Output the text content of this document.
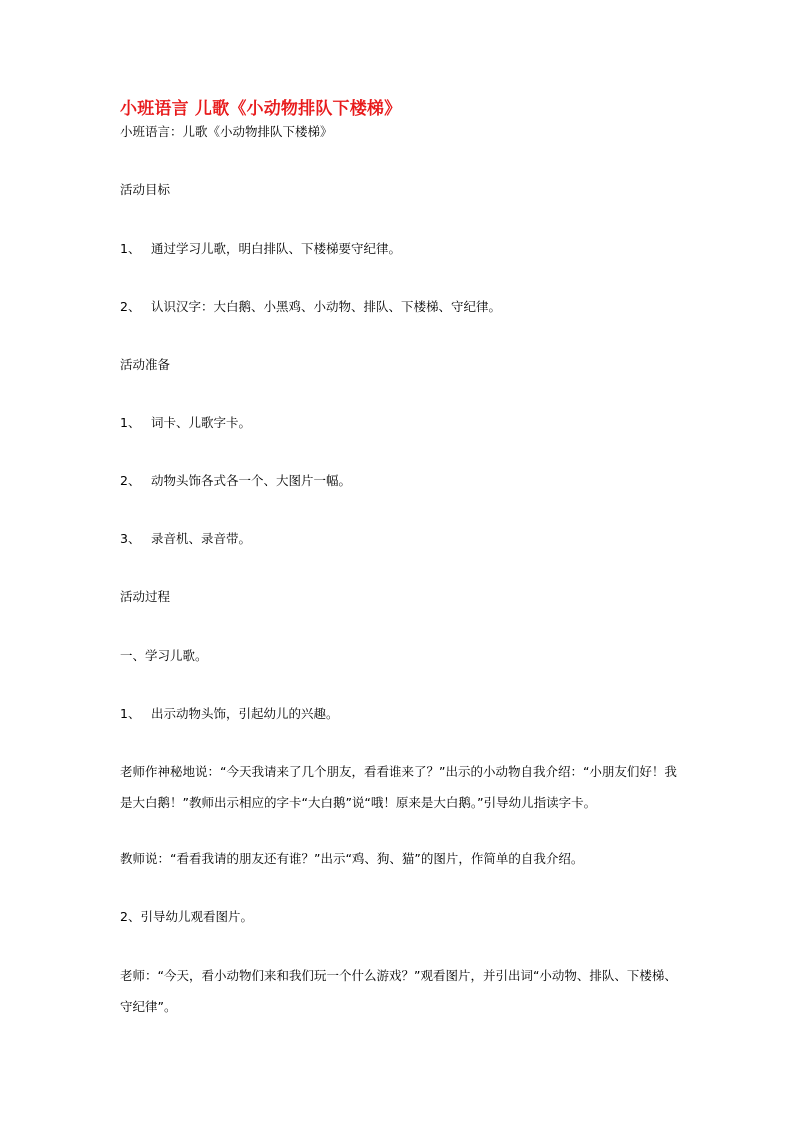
小班语言 儿歌《小动物排队下楼梯》
小班语言：儿歌《小动物排队下楼梯》
活动目标
1、 通过学习儿歌，明白排队、下楼梯要守纪律。
2、 认识汉字：大白鹅、小黑鸡、小动物、排队、下楼梯、守纪律。
活动准备
1、 词卡、儿歌字卡。
2、 动物头饰各式各一个、大图片一幅。
3、 录音机、录音带。
活动过程
一、学习儿歌。
1、 出示动物头饰，引起幼儿的兴趣。
老师作神秘地说：“今天我请来了几个朋友，看看谁来了？”出示的小动物自我介绍：“小朋友们好！我是大白鹅！”教师出示相应的字卡“大白鹅”说“哦！原来是大白鹅。”引导幼儿指读字卡。
教师说：“看看我请的朋友还有谁？”出示“鸡、狗、猫”的图片，作简单的自我介绍。
2、引导幼儿观看图片。
老师：“今天，看小动物们来和我们玩一个什么游戏？”观看图片，并引出词“小动物、排队、下楼梯、守纪律”。
